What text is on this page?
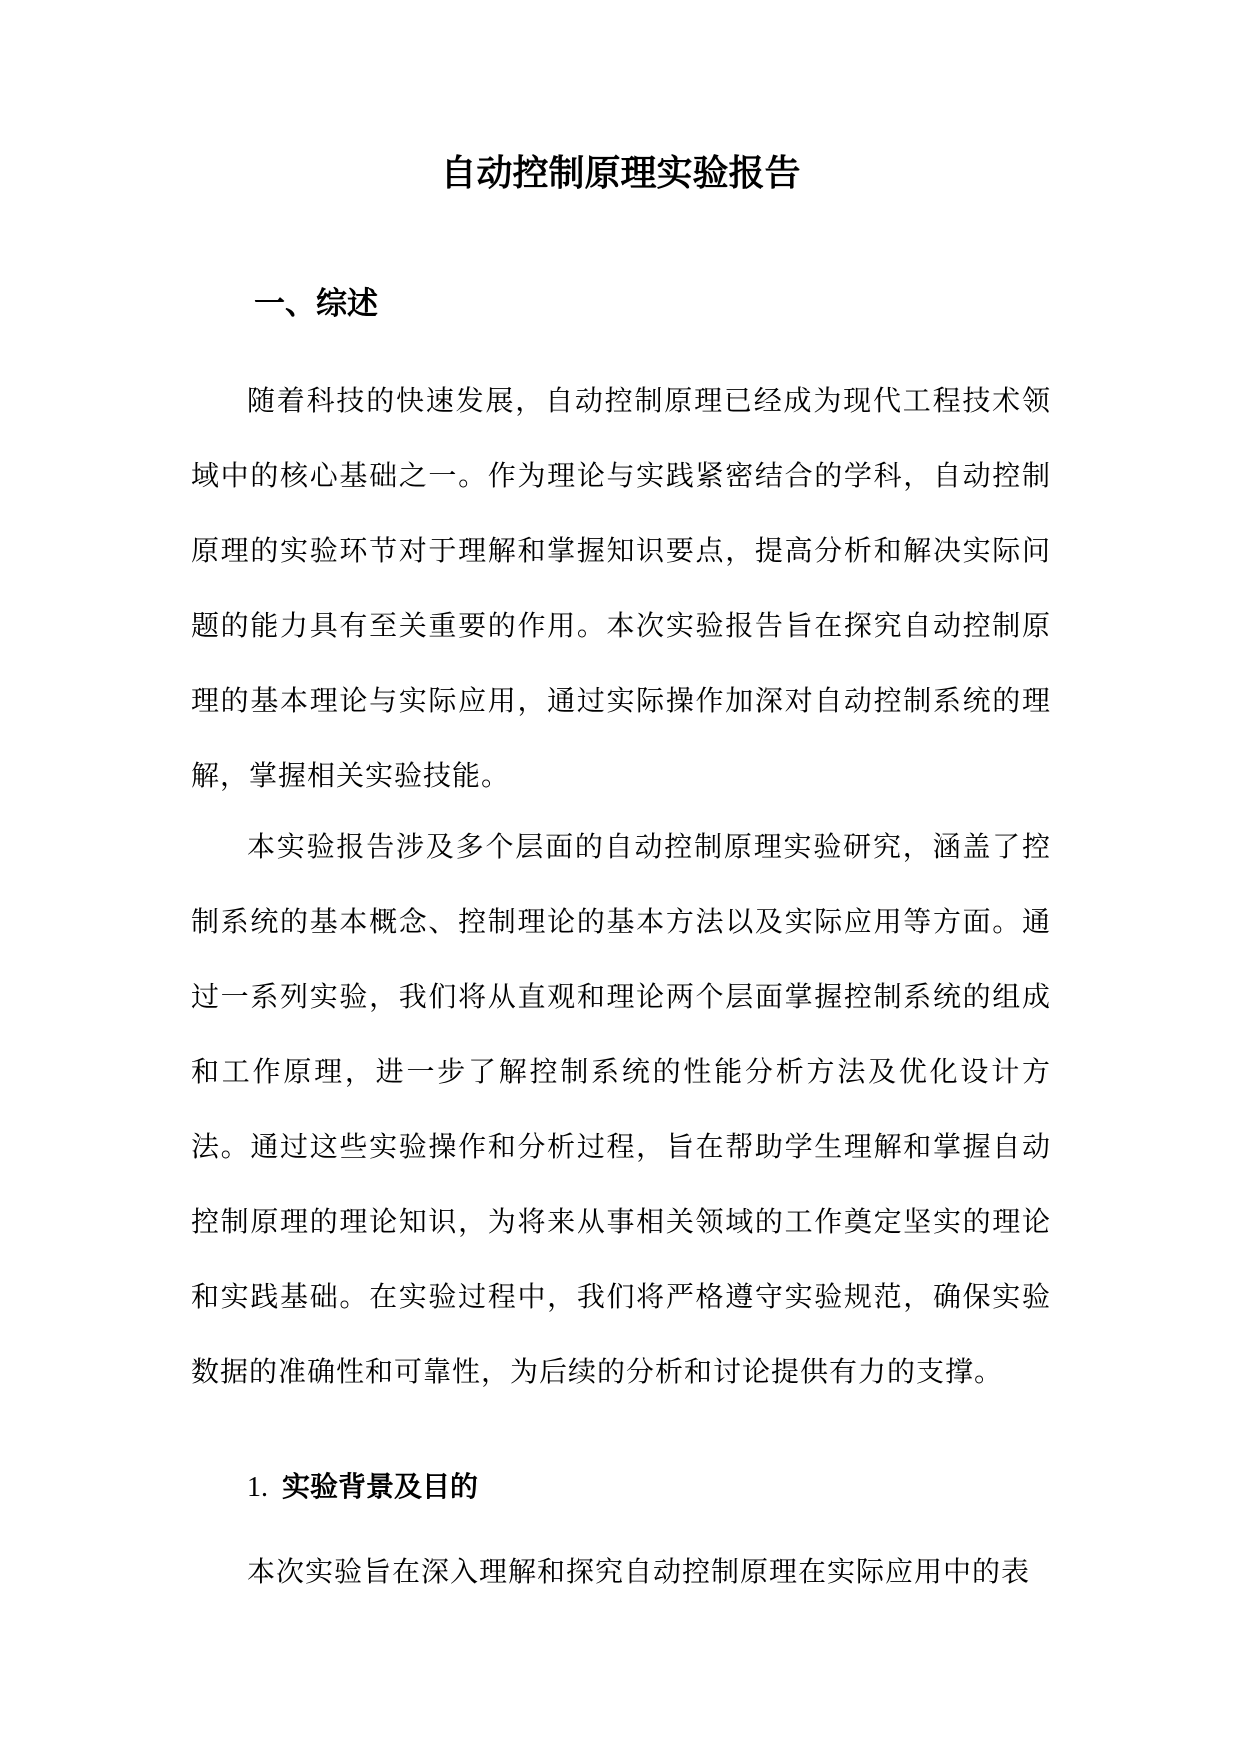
自动控制原理实验报告
一、综述

随着科技的快速发展，自动控制原理已经成为现代工程技术领域中的核心基础之一。作为理论与实践紧密结合的学科，自动控制原理的实验环节对于理解和掌握知识要点，提高分析和解决实际问题的能力具有至关重要的作用。本次实验报告旨在探究自动控制原理的基本理论与实际应用，通过实际操作加深对自动控制系统的理解，掌握相关实验技能。

本实验报告涉及多个层面的自动控制原理实验研究，涵盖了控制系统的基本概念、控制理论的基本方法以及实际应用等方面。通过一系列实验，我们将从直观和理论两个层面掌握控制系统的组成和工作原理，进一步了解控制系统的性能分析方法及优化设计方法。通过这些实验操作和分析过程，旨在帮助学生理解和掌握自动控制原理的理论知识，为将来从事相关领域的工作奠定坚实的理论和实践基础。在实验过程中，我们将严格遵守实验规范，确保实验数据的准确性和可靠性，为后续的分析和讨论提供有力的支撑。

1. 实验背景及目的

本次实验旨在深入理解和探究自动控制原理在实际应用中的表
